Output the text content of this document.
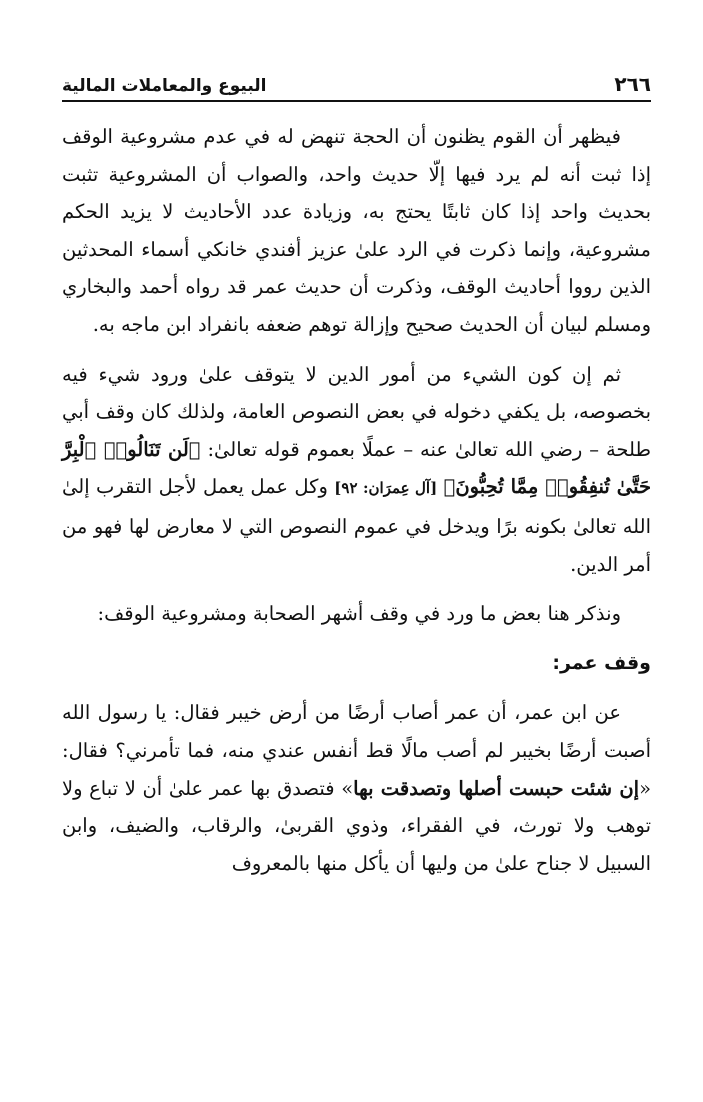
٢٦٦
البيوع والمعاملات المالية

فيظهر أن القوم يظنون أن الحجة تنهض له في عدم مشروعية الوقف إذا ثبت أنه لم يرد فيها إلّا حديث واحد، والصواب أن المشروعية تثبت بحديث واحد إذا كان ثابتًا يحتج به، وزيادة عدد الأحاديث لا يزيد الحكم مشروعية، وإنما ذكرت في الرد علىٰ عزيز أفندي خانكي أسماء المحدثين الذين رووا أحاديث الوقف، وذكرت أن حديث عمر قد رواه أحمد والبخاري ومسلم لبيان أن الحديث صحيح وإزالة توهم ضعفه بانفراد ابن ماجه به.

ثم إن كون الشيء من أمور الدين لا يتوقف علىٰ ورود شيء فيه بخصوصه، بل يكفي دخوله في بعض النصوص العامة، ولذلك كان وقف أبي طلحة – رضي الله تعالىٰ عنه – عملًا بعموم قوله تعالىٰ: ﴿لَن تَنَالُوا۟ ٱلْبِرَّ حَتَّىٰ تُنفِقُوا۟ مِمَّا تُحِبُّونَ﴾ [آل عِمرَان: ٩٢] وكل عمل يعمل لأجل التقرب إلىٰ الله تعالىٰ بكونه برًا ويدخل في عموم النصوص التي لا معارض لها فهو من أمر الدين.

ونذكر هنا بعض ما ورد في وقف أشهر الصحابة ومشروعية الوقف:

وقف عمر:

عن ابن عمر، أن عمر أصاب أرضًا من أرض خيبر فقال: يا رسول الله أصبت أرضًا بخيبر لم أصب مالًا قط أنفس عندي منه، فما تأمرني؟ فقال: «إن شئت حبست أصلها وتصدقت بها» فتصدق بها عمر علىٰ أن لا تباع ولا توهب ولا تورث، في الفقراء، وذوي القربىٰ، والرقاب، والضيف، وابن السبيل لا جناح علىٰ من وليها أن يأكل منها بالمعروف
